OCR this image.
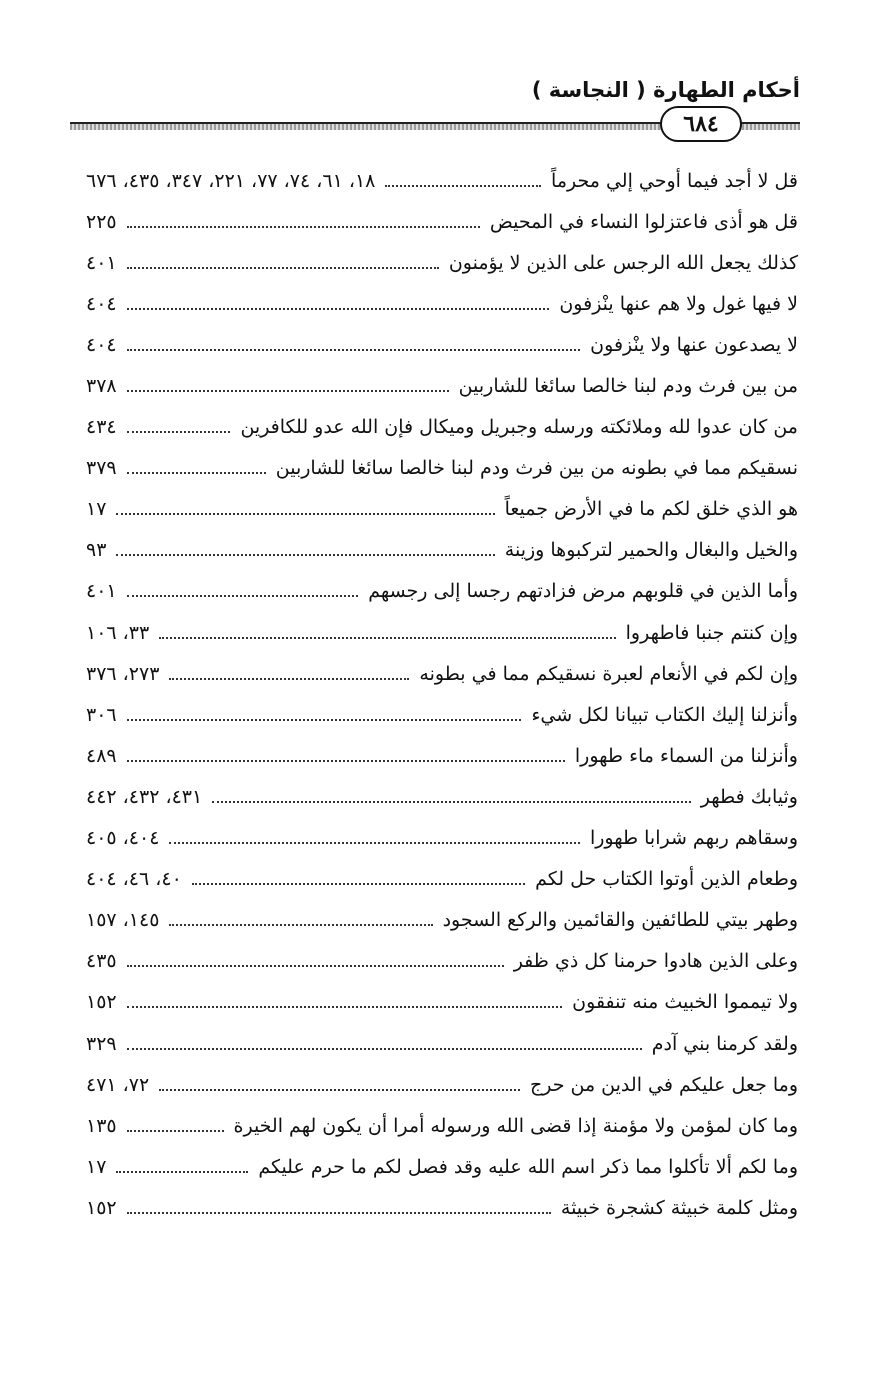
أحكام الطهارة ( النجاسة )
٦٨٤
قل لا أجد فيما أوحي إلي محرماً
١٨، ٦١، ٧٤، ٧٧، ٢٢١، ٣٤٧، ٤٣٥، ٦٧٦
قل هو أذى فاعتزلوا النساء في المحيض
٢٢٥
كذلك يجعل الله الرجس على الذين لا يؤمنون
٤٠١
لا فيها غول ولا هم عنها ينْزفون
٤٠٤
لا يصدعون عنها ولا ينْزفون
٤٠٤
من بين فرث ودم لبنا خالصا سائغا للشاربين
٣٧٨
من كان عدوا لله وملائكته ورسله وجبريل وميكال فإن الله عدو للكافرين
٤٣٤
نسقيكم مما في بطونه من بين فرث ودم لبنا خالصا سائغا للشاربين
٣٧٩
هو الذي خلق لكم ما في الأرض جميعاً
١٧
والخيل والبغال والحمير لتركبوها وزينة
٩٣
وأما الذين في قلوبهم مرض فزادتهم رجسا إلى رجسهم
٤٠١
وإن كنتم جنبا فاطهروا
٣٣، ١٠٦
وإن لكم في الأنعام لعبرة نسقيكم مما في بطونه
٢٧٣، ٣٧٦
وأنزلنا إليك الكتاب تبيانا لكل شيء
٣٠٦
وأنزلنا من السماء ماء طهورا
٤٨٩
وثيابك فطهر
٤٣١، ٤٣٢، ٤٤٢
وسقاهم ربهم شرابا طهورا
٤٠٤، ٤٠٥
وطعام الذين أوتوا الكتاب حل لكم
٤٠، ٤٦، ٤٠٤
وطهر بيتي للطائفين والقائمين والركع السجود
١٤٥، ١٥٧
وعلى الذين هادوا حرمنا كل ذي ظفر
٤٣٥
ولا تيمموا الخبيث منه تنفقون
١٥٢
ولقد كرمنا بني آدم
٣٢٩
وما جعل عليكم في الدين من حرج
٧٢، ٤٧١
وما كان لمؤمن ولا مؤمنة إذا قضى الله ورسوله أمرا أن يكون لهم الخيرة
١٣٥
وما لكم ألا تأكلوا مما ذكر اسم الله عليه وقد فصل لكم ما حرم عليكم
١٧
ومثل كلمة خبيثة كشجرة خبيثة
١٥٢
